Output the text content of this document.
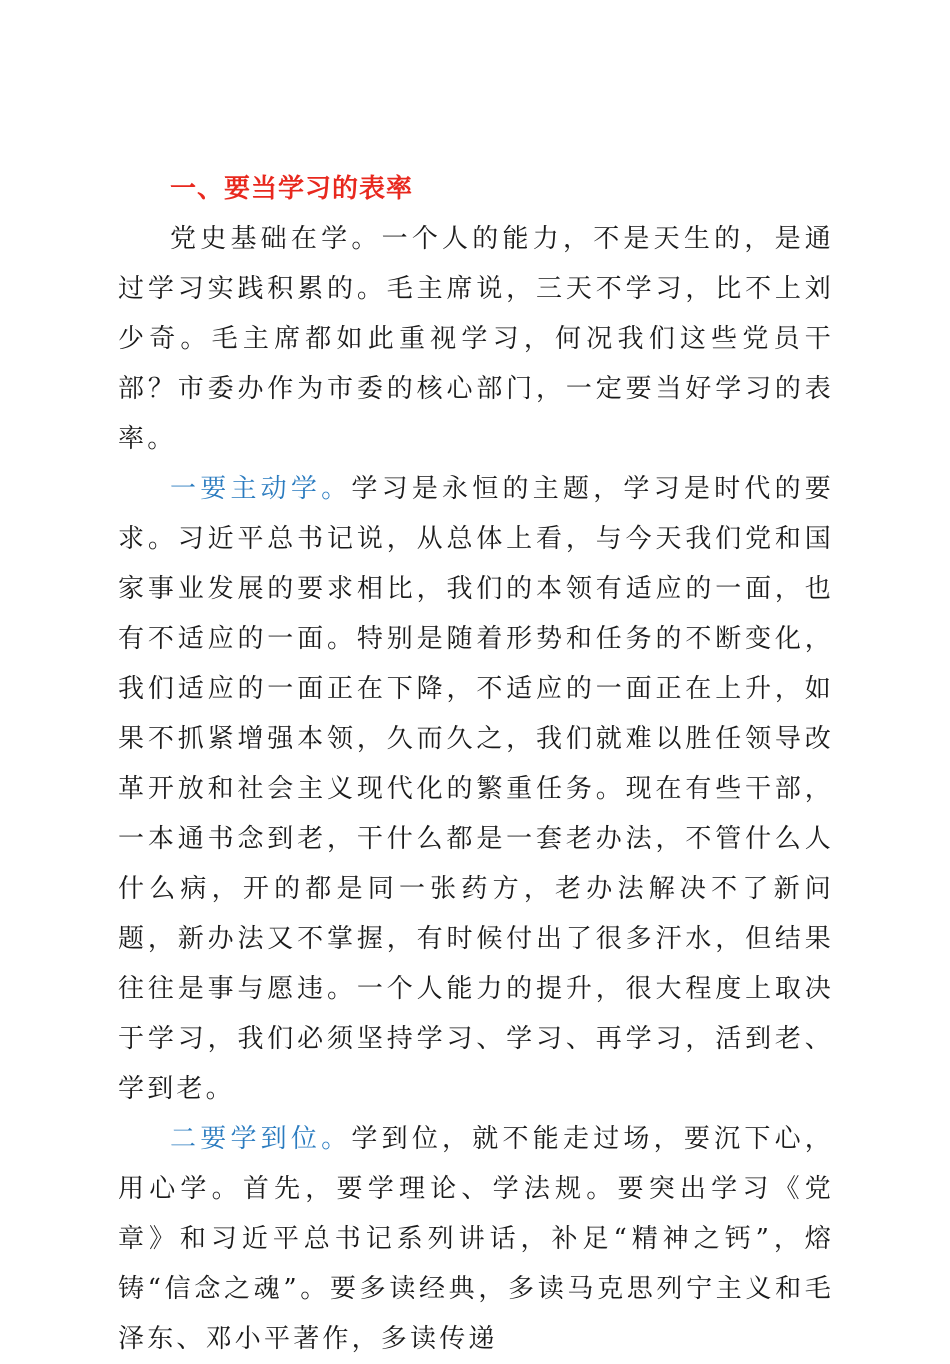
一、要当学习的表率

党史基础在学。一个人的能力，不是天生的，是通过学习实践积累的。毛主席说，三天不学习，比不上刘少奇。毛主席都如此重视学习，何况我们这些党员干部？市委办作为市委的核心部门，一定要当好学习的表率。

一要主动学。学习是永恒的主题，学习是时代的要求。习近平总书记说，从总体上看，与今天我们党和国家事业发展的要求相比，我们的本领有适应的一面，也有不适应的一面。特别是随着形势和任务的不断变化，我们适应的一面正在下降，不适应的一面正在上升，如果不抓紧增强本领，久而久之，我们就难以胜任领导改革开放和社会主义现代化的繁重任务。现在有些干部，一本通书念到老，干什么都是一套老办法，不管什么人什么病，开的都是同一张药方，老办法解决不了新问题，新办法又不掌握，有时候付出了很多汗水，但结果往往是事与愿违。一个人能力的提升，很大程度上取决于学习，我们必须坚持学习、学习、再学习，活到老、学到老。

二要学到位。学到位，就不能走过场，要沉下心，用心学。首先，要学理论、学法规。要突出学习《党章》和习近平总书记系列讲话，补足“精神之钙”，熔铸“信念之魂”。要多读经典，多读马克思列宁主义和毛泽东、邓小平著作，多读传递
